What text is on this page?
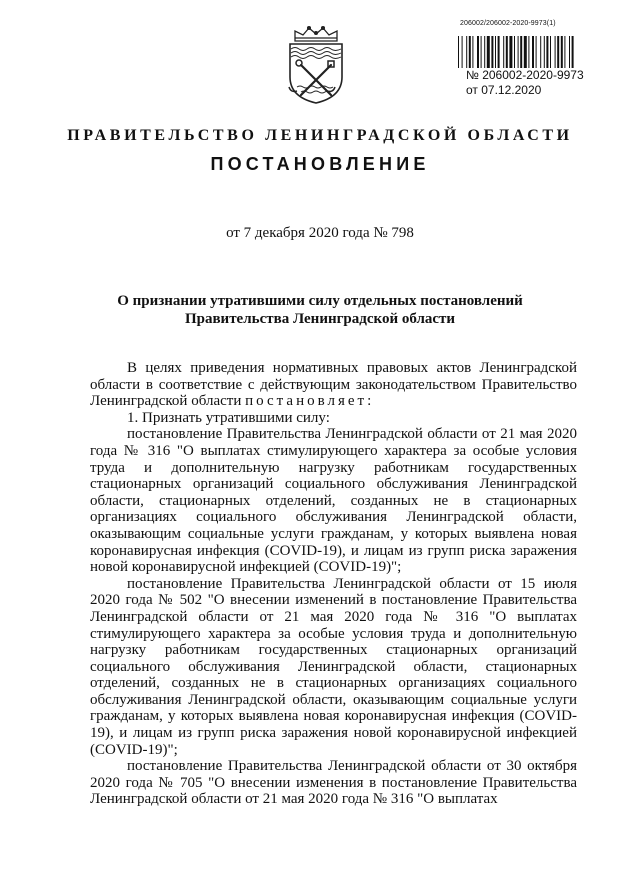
206002/206002-2020-9973(1)
№ 206002-2020-9973
от 07.12.2020
ПРАВИТЕЛЬСТВО ЛЕНИНГРАДСКОЙ ОБЛАСТИ
ПОСТАНОВЛЕНИЕ
от 7 декабря 2020 года № 798
О признании утратившими силу отдельных постановлений
Правительства Ленинградской области

В целях приведения нормативных правовых актов Ленинградской области в соответствие с действующим законодательством Правительство Ленинградской области постановляет:

1. Признать утратившими силу:

постановление Правительства Ленинградской области от 21 мая 2020 года № 316 "О выплатах стимулирующего характера за особые условия труда и дополнительную нагрузку работникам государственных стационарных организаций социального обслуживания Ленинградской области, стационарных отделений, созданных не в стационарных организациях социального обслуживания Ленинградской области, оказывающим социальные услуги гражданам, у которых выявлена новая коронавирусная инфекция (COVID-19), и лицам из групп риска заражения новой коронавирусной инфекцией (COVID-19)";

постановление Правительства Ленинградской области от 15 июля 2020 года № 502 "О внесении изменений в постановление Правительства Ленинградской области от 21 мая 2020 года № 316 "О выплатах стимулирующего характера за особые условия труда и дополнительную нагрузку работникам государственных стационарных организаций социального обслуживания Ленинградской области, стационарных отделений, созданных не в стационарных организациях социального обслуживания Ленинградской области, оказывающим социальные услуги гражданам, у которых выявлена новая коронавирусная инфекция (COVID-19), и лицам из групп риска заражения новой коронавирусной инфекцией (COVID-19)";

постановление Правительства Ленинградской области от 30 октября 2020 года № 705 "О внесении изменения в постановление Правительства Ленинградской области от 21 мая 2020 года № 316 "О выплатах
